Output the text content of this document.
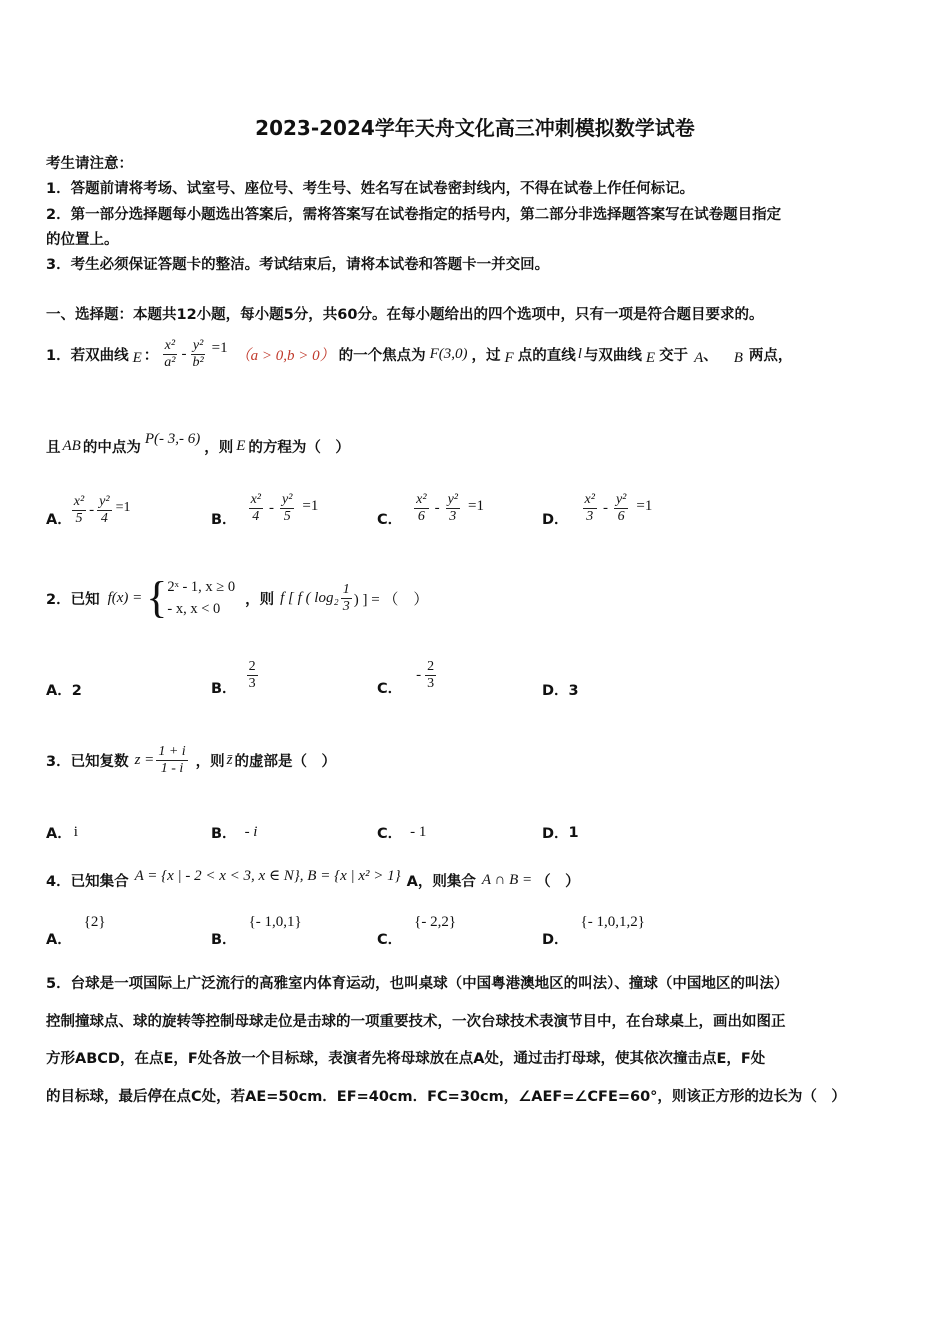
2023-2024学年天舟文化高三冲刺模拟数学试卷
考生请注意：
1．答题前请将考场、试室号、座位号、考生号、姓名写在试卷密封线内，不得在试卷上作任何标记。
2．第一部分选择题每小题选出答案后，需将答案写在试卷指定的括号内，第二部分非选择题答案写在试卷题目指定
的位置上。
3．考生必须保证答题卡的整洁。考试结束后，请将本试卷和答题卡一并交回。
一、选择题：本题共12小题，每小题5分，共60分。在每小题给出的四个选项中，只有一项是符合题目要求的。
1．若双曲线 E ： $\frac{\text{x²}}{\text{a²}} - \frac{\text{y²}}{\text{b²}} =1$ （a > 0,b > 0） 的一个焦点为 F(3,0) ，过 F 点的直线 l 与双曲线 E 交于 A 、 B 两点，
且 AB 的中点为
P(- 3,- 6)
，则 E 的方程为（　）
A． $\frac{\text{x²}}{5} - \frac{\text{y²}}{4} =1$
B． $\frac{\text{x²}}{4} - \frac{\text{y²}}{5} =1$
C． $\frac{\text{x²}}{6} - \frac{\text{y²}}{3} =1$
D． $\frac{\text{x²}}{3} - \frac{\text{y²}}{6} =1$
2．已知 f(x) = { 2ˣ - 1, x ≥ 0
- x, x < 0
，则 f [ f ( $\log_2 \frac{1}{3}$ ) ] = （　）
A．2	B． $\frac{2}{3}$	C．
- $\frac{2}{3}$	D．3
3．已知复数 $z = \frac{1 + i}{1 - i}$ ，则 z̄ 的虚部是（　）
A． i	B． - i	C． - 1	D． 1
4．已知集合 A = {x | - 2 < x < 3, x ∈ N}, B = {x | x² > 1} A，则集合 A ∩ B = （　）
A．
{2}
B．
{- 1,0,1}
C．
{- 2,2}
D．
{- 1,0,1,2}
5．台球是一项国际上广泛流行的高雅室内体育运动，也叫桌球（中国粤港澳地区的叫法）、撞球（中国地区的叫法）
控制撞球点、球的旋转等控制母球走位是击球的一项重要技术，一次台球技术表演节目中，在台球桌上，画出如图正
方形ABCD，在点E，F处各放一个目标球，表演者先将母球放在点A处，通过击打母球，使其依次撞击点E，F处
的目标球，最后停在点C处，若AE=50cm．EF=40cm．FC=30cm，∠AEF=∠CFE=60°，则该正方形的边长为（　）
